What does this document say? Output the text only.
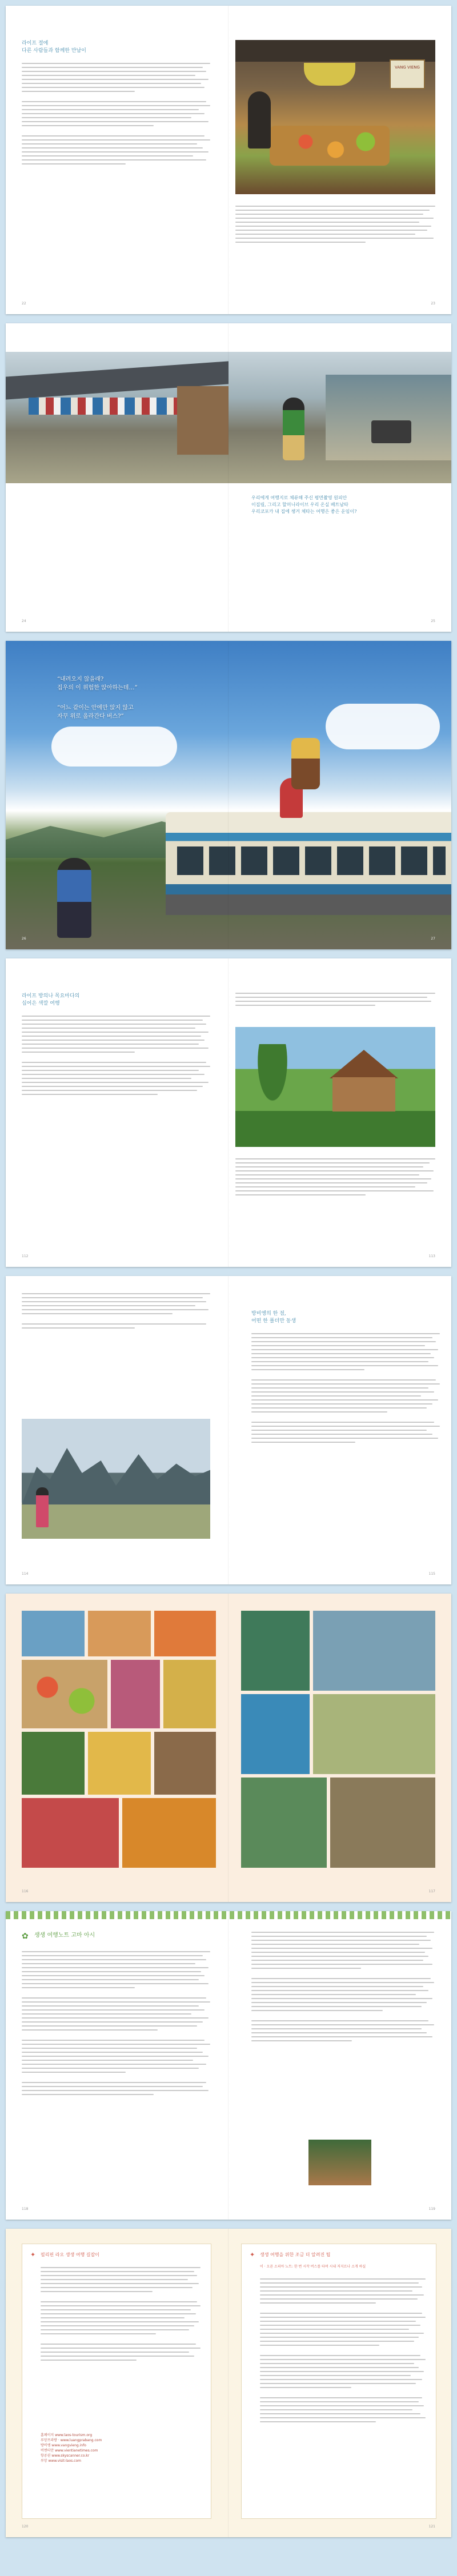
라이프 절에
다른 사람들과 함께한 만남이
22
VANG VIENG
23
우리에게 여행지로 체류해 주신 평면촬영 원피안
이집림, 그리고 할머니라이브 우리 온실 베트남타
우리코포카 내 집에 챙겨 체타는 여행은 좋은 운임이?
24	25
“내려오지 않을래?
집우의 이 위험한 앉아하는데…”
“어느 같이는 안에만 앉지 않고
자꾸 위로 올라간다 버스?”
26	27
라이프 방의나 목요마다의
십어은 색깔 여행
112	113
114
방비엥의 한 점,
어떤 한 폴더만 동생
115
116	117
✿ 생생 여행노트 고마 아시
118	119
✦ 필리핀 라오 생생 여행 길잡이
홈페이지 www.laos-tourism.org
루앙프라방 · www.luangprabang.com
방비엥 www.vangvieng.info
비엔티안 www.vientianetimes.com
항공권 www.skyscanner.co.kr
루앙 www.visit-laos.com
120
✦ 생생 여행을 위한 조금 더 알려진 팁
이 · 오픈 소피아 노트: 한 번 시작 버스를 타며 시내 저지르나 소개 하실
121
